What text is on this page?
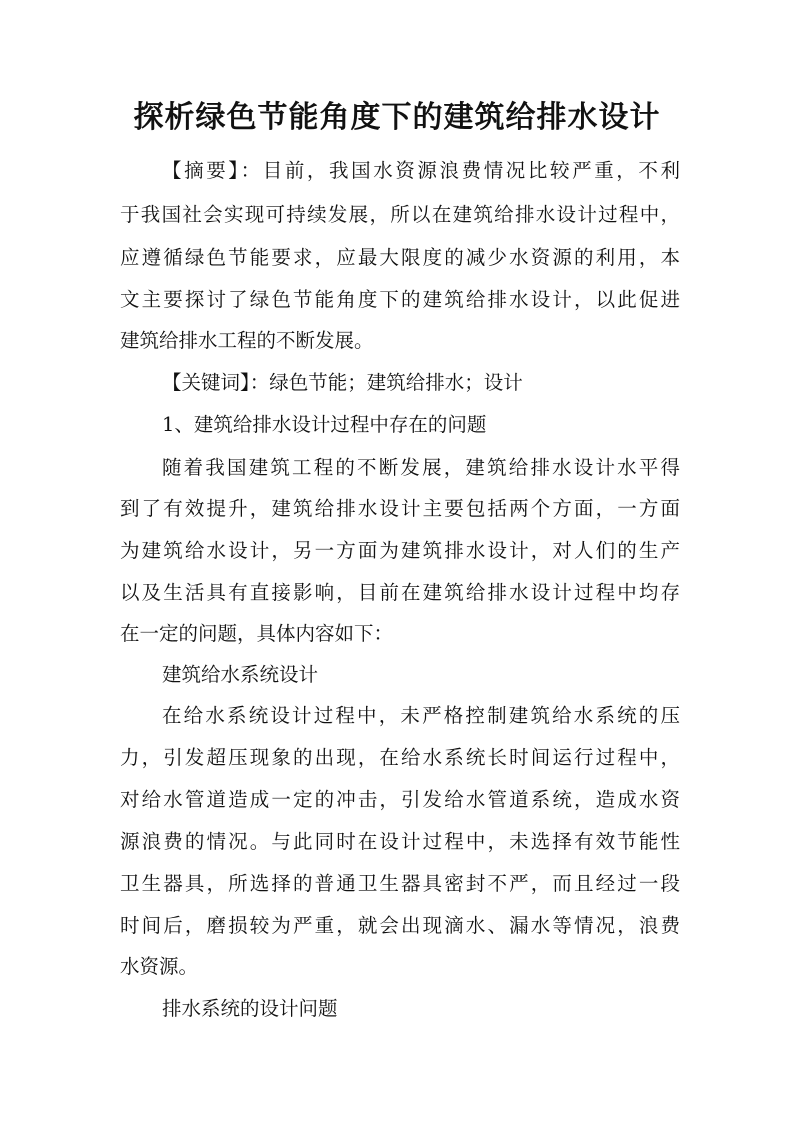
探析绿色节能角度下的建筑给排水设计
【摘要】：目前，我国水资源浪费情况比较严重，不利
于我国社会实现可持续发展，所以在建筑给排水设计过程中，
应遵循绿色节能要求，应最大限度的减少水资源的利用，本
文主要探讨了绿色节能角度下的建筑给排水设计，以此促进
建筑给排水工程的不断发展。
【关键词】：绿色节能；建筑给排水；设计
1、建筑给排水设计过程中存在的问题
随着我国建筑工程的不断发展，建筑给排水设计水平得
到了有效提升，建筑给排水设计主要包括两个方面，一方面
为建筑给水设计，另一方面为建筑排水设计，对人们的生产
以及生活具有直接影响，目前在建筑给排水设计过程中均存
在一定的问题，具体内容如下：
建筑给水系统设计
在给水系统设计过程中，未严格控制建筑给水系统的压
力，引发超压现象的出现，在给水系统长时间运行过程中，
对给水管道造成一定的冲击，引发给水管道系统，造成水资
源浪费的情况。与此同时在设计过程中，未选择有效节能性
卫生器具，所选择的普通卫生器具密封不严，而且经过一段
时间后，磨损较为严重，就会出现滴水、漏水等情况，浪费
水资源。
排水系统的设计问题
